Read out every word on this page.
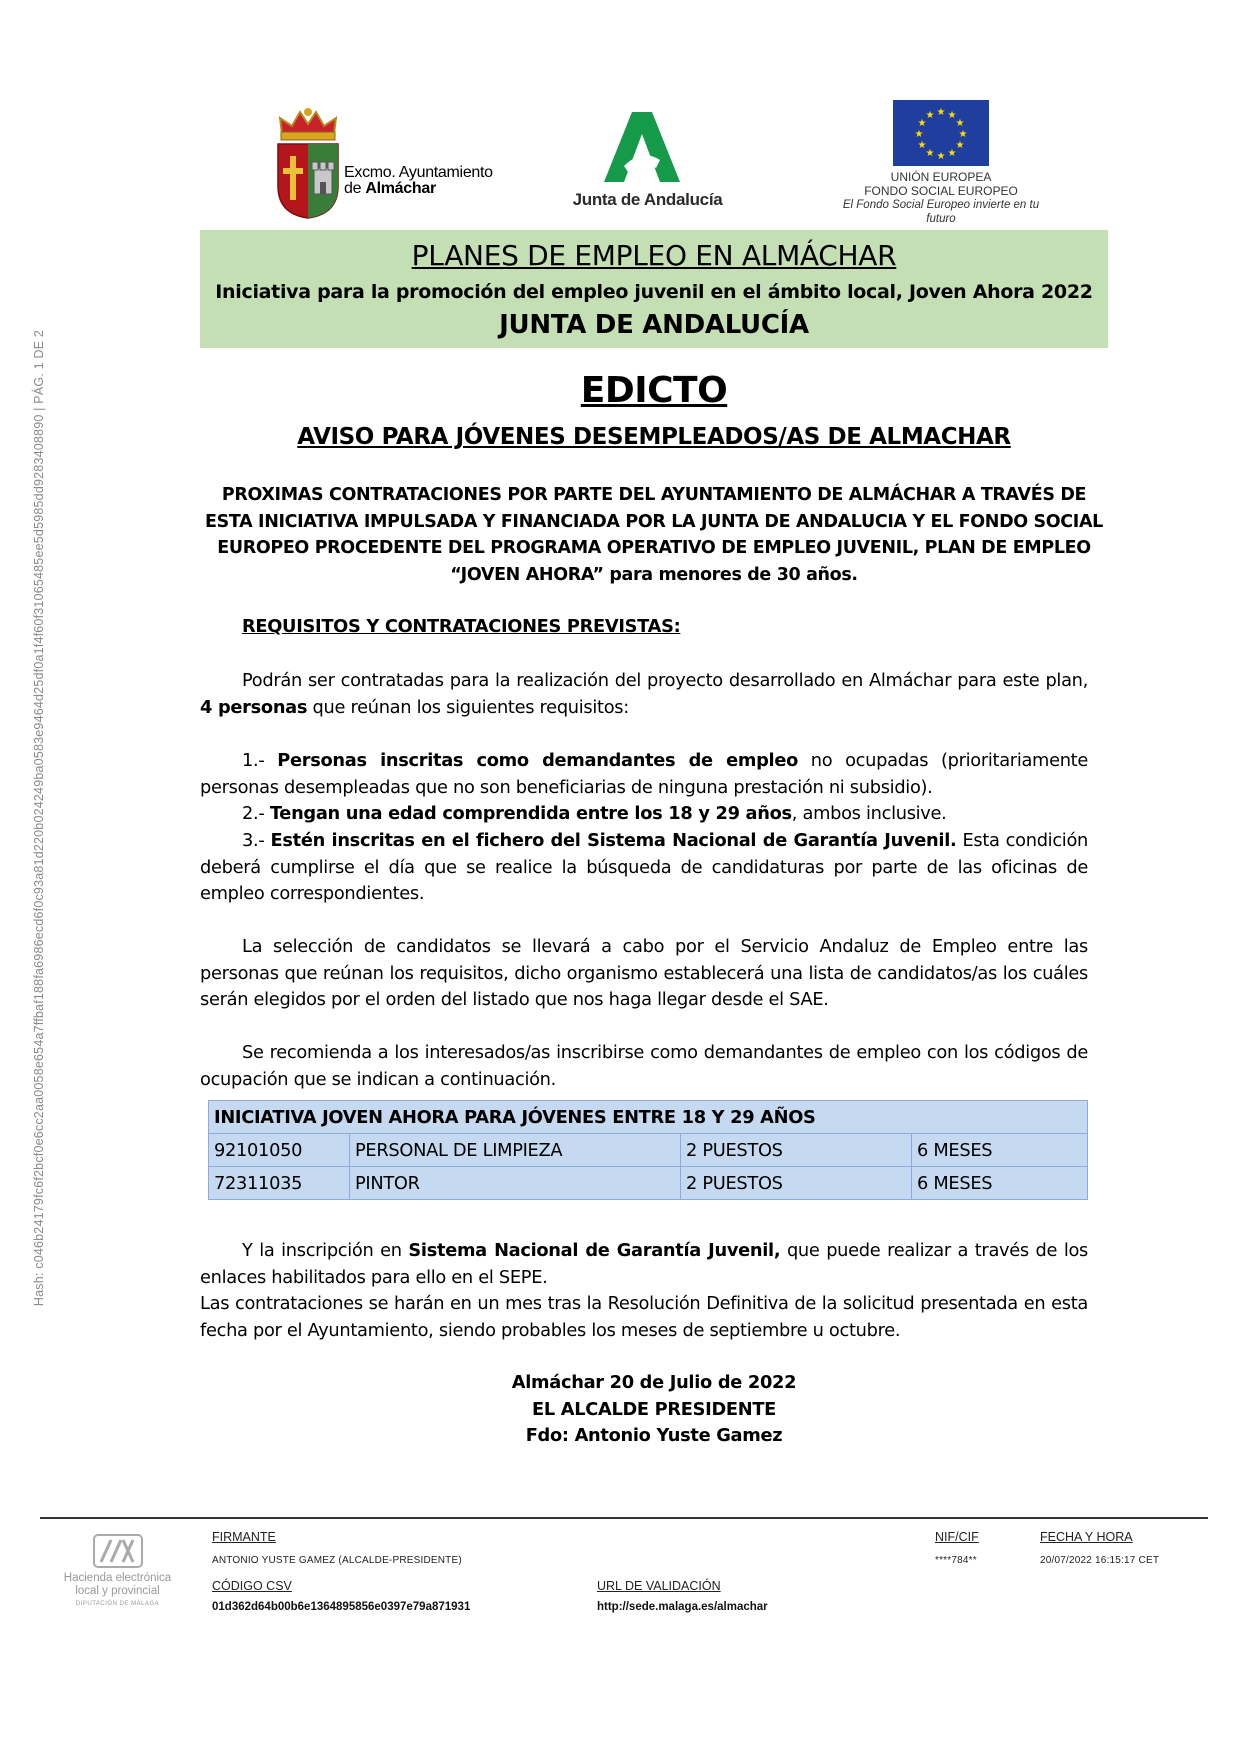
Hash: c046b24179fc6f2bcf0e6cc2aa0058e654a7ffbaf188fa6986ecd6f0c93a81d220b024249ba0583e9464d25df0a1f4f60f31065485ee5d5985dd9283408890 | PÁG. 1 DE 2
Excmo. Ayuntamiento
de Almáchar
Junta de Andalucía
★ ★
★
★
★
★
★
★
★
★
★
★
UNIÓN EUROPEA
FONDO SOCIAL EUROPEO
El Fondo Social Europeo invierte en tu futuro
PLANES DE EMPLEO EN ALMÁCHAR
Iniciativa para la promoción del empleo juvenil en el ámbito local, Joven Ahora 2022
JUNTA DE ANDALUCÍA
EDICTO
AVISO PARA JÓVENES DESEMPLEADOS/AS DE ALMACHAR
PROXIMAS CONTRATACIONES POR PARTE DEL AYUNTAMIENTO DE ALMÁCHAR A TRAVÉS DE ESTA INICIATIVA IMPULSADA Y FINANCIADA POR LA JUNTA DE ANDALUCIA Y EL FONDO SOCIAL EUROPEO PROCEDENTE DEL PROGRAMA OPERATIVO DE EMPLEO JUVENIL, PLAN DE EMPLEO “JOVEN AHORA” para menores de 30 años.
REQUISITOS Y CONTRATACIONES PREVISTAS:
Podrán ser contratadas para la realización del proyecto desarrollado en Almáchar para este plan, 4 personas que reúnan los siguientes requisitos:
1.- Personas inscritas como demandantes de empleo no ocupadas (prioritariamente personas desempleadas que no son beneficiarias de ninguna prestación ni subsidio).
2.- Tengan una edad comprendida entre los 18 y 29 años, ambos inclusive.
3.- Estén inscritas en el fichero del Sistema Nacional de Garantía Juvenil. Esta condición deberá cumplirse el día que se realice la búsqueda de candidaturas por parte de las oficinas de empleo correspondientes.
La selección de candidatos se llevará a cabo por el Servicio Andaluz de Empleo entre las personas que reúnan los requisitos, dicho organismo establecerá una lista de candidatos/as los cuáles serán elegidos por el orden del listado que nos haga llegar desde el SAE.
Se recomienda a los interesados/as inscribirse como demandantes de empleo con los códigos de ocupación que se indican a continuación.
INICIATIVA JOVEN AHORA PARA JÓVENES ENTRE 18 Y 29 AÑOS			
92101050	PERSONAL DE LIMPIEZA	2 PUESTOS	6 MESES
72311035	PINTOR	2 PUESTOS	6 MESES
Y la inscripción en Sistema Nacional de Garantía Juvenil, que puede realizar a través de los enlaces habilitados para ello en el SEPE.
Las contrataciones se harán en un mes tras la Resolución Definitiva de la solicitud presentada en esta fecha por el Ayuntamiento, siendo probables los meses de septiembre u octubre.
Almáchar 20 de Julio de 2022
EL ALCALDE PRESIDENTE
Fdo: Antonio Yuste Gamez
Hacienda electrónica
local y provincial
DIPUTACIÓN DE MÁLAGA
FIRMANTE
ANTONIO YUSTE GAMEZ (ALCALDE-PRESIDENTE)
NIF/CIF
****784**
FECHA Y HORA
20/07/2022 16:15:17 CET
CÓDIGO CSV
01d362d64b00b6e1364895856e0397e79a871931
URL DE VALIDACIÓN
http://sede.malaga.es/almachar
